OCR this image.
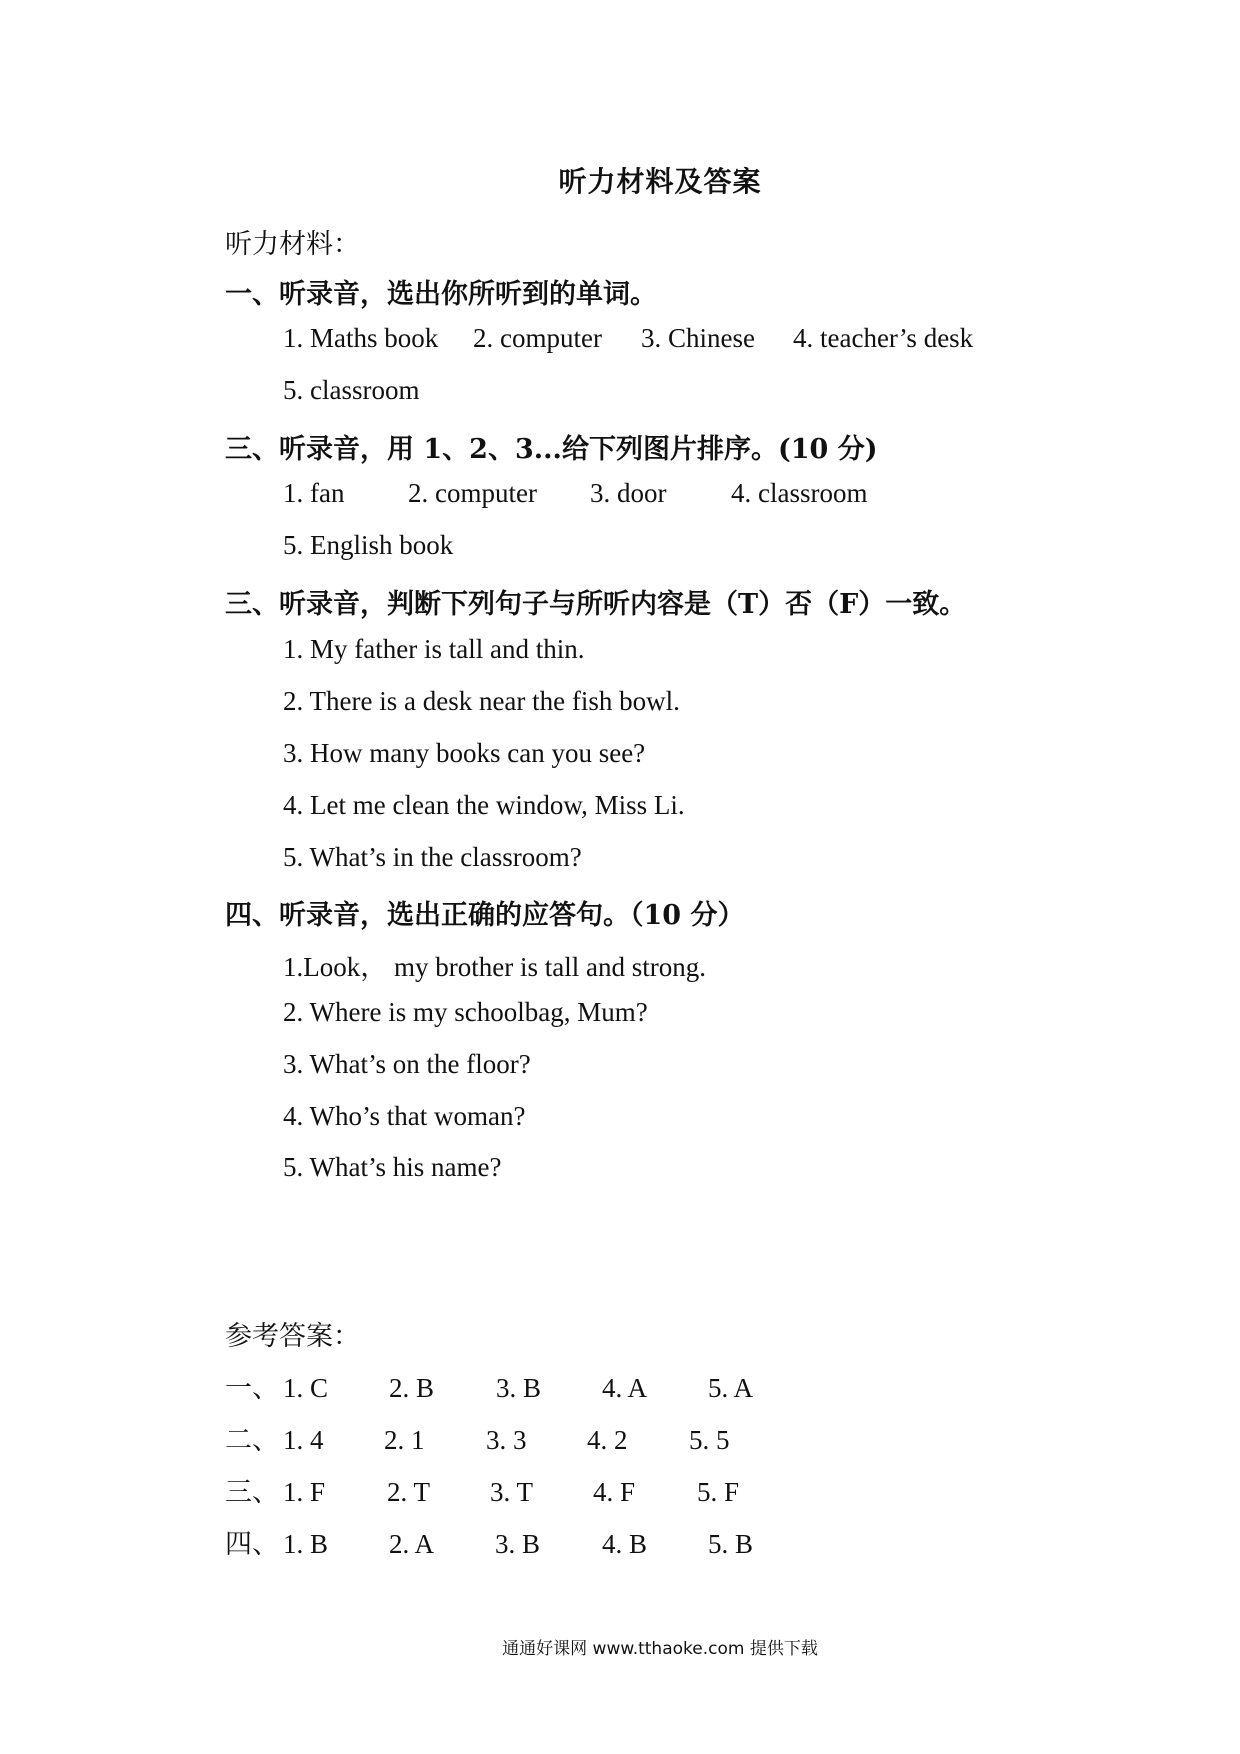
听力材料及答案
听力材料：
一、听录音，选出你所听到的单词。
1. Maths book 2. computer 3. Chinese 4. teacher’s desk
5. classroom
三、听录音，用 1、2、3...给下列图片排序。(10 分)
1. fan 2. computer 3. door 4. classroom
5. English book
三、听录音，判断下列句子与所听内容是（T）否（F）一致。
1. My father is tall and thin.
2. There is a desk near the fish bowl.
3. How many books can you see?
4. Let me clean the window, Miss Li.
5. What’s in the classroom?
四、听录音，选出正确的应答句。（10 分）
1.Look， my brother is tall and strong.
2. Where is my schoolbag, Mum?
3. What’s on the floor?
4. Who’s that woman?
5. What’s his name?
参考答案：
一、 1. C 2. B 3. B 4. A 5. A
二、 1. 4 2. 1 3. 3 4. 2 5. 5
三、 1. F 2. T 3. T 4. F 5. F
四、 1. B 2. A 3. B 4. B 5. B
通通好课网 www.tthaoke.com 提供下载
